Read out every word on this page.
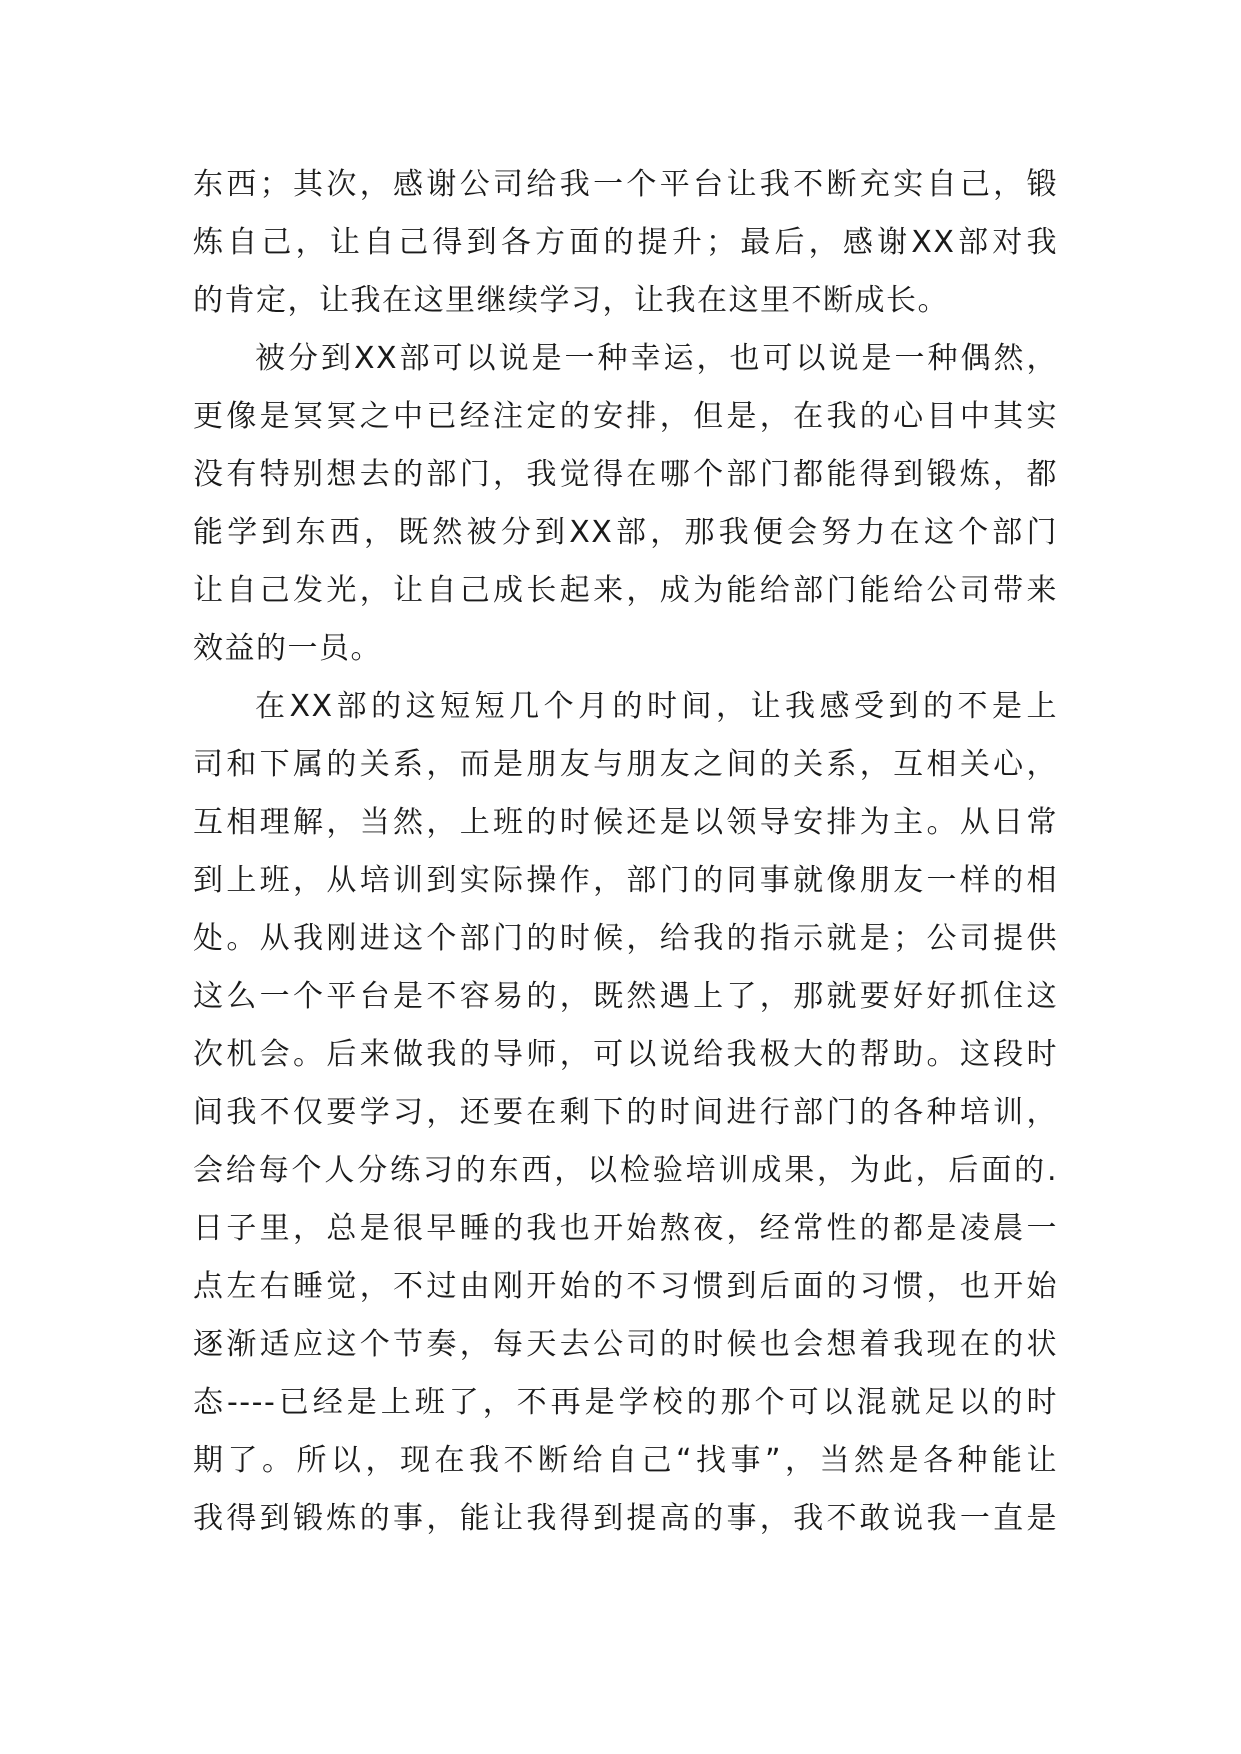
东西；其次，感谢公司给我一个平台让我不断充实自己，锻
炼自己，让自己得到各方面的提升；最后，感谢XX部对我
的肯定，让我在这里继续学习，让我在这里不断成长。
被分到XX部可以说是一种幸运，也可以说是一种偶然，
更像是冥冥之中已经注定的安排，但是，在我的心目中其实
没有特别想去的部门，我觉得在哪个部门都能得到锻炼，都
能学到东西，既然被分到XX部，那我便会努力在这个部门
让自己发光，让自己成长起来，成为能给部门能给公司带来
效益的一员。
在XX部的这短短几个月的时间，让我感受到的不是上
司和下属的关系，而是朋友与朋友之间的关系，互相关心，
互相理解，当然，上班的时候还是以领导安排为主。从日常
到上班，从培训到实际操作，部门的同事就像朋友一样的相
处。从我刚进这个部门的时候，给我的指示就是；公司提供
这么一个平台是不容易的，既然遇上了，那就要好好抓住这
次机会。后来做我的导师，可以说给我极大的帮助。这段时
间我不仅要学习，还要在剩下的时间进行部门的各种培训，
会给每个人分练习的东西，以检验培训成果，为此，后面的.
日子里，总是很早睡的我也开始熬夜，经常性的都是凌晨一
点左右睡觉，不过由刚开始的不习惯到后面的习惯，也开始
逐渐适应这个节奏，每天去公司的时候也会想着我现在的状
态----已经是上班了，不再是学校的那个可以混就足以的时
期了。所以，现在我不断给自己“找事”，当然是各种能让
我得到锻炼的事，能让我得到提高的事，我不敢说我一直是
